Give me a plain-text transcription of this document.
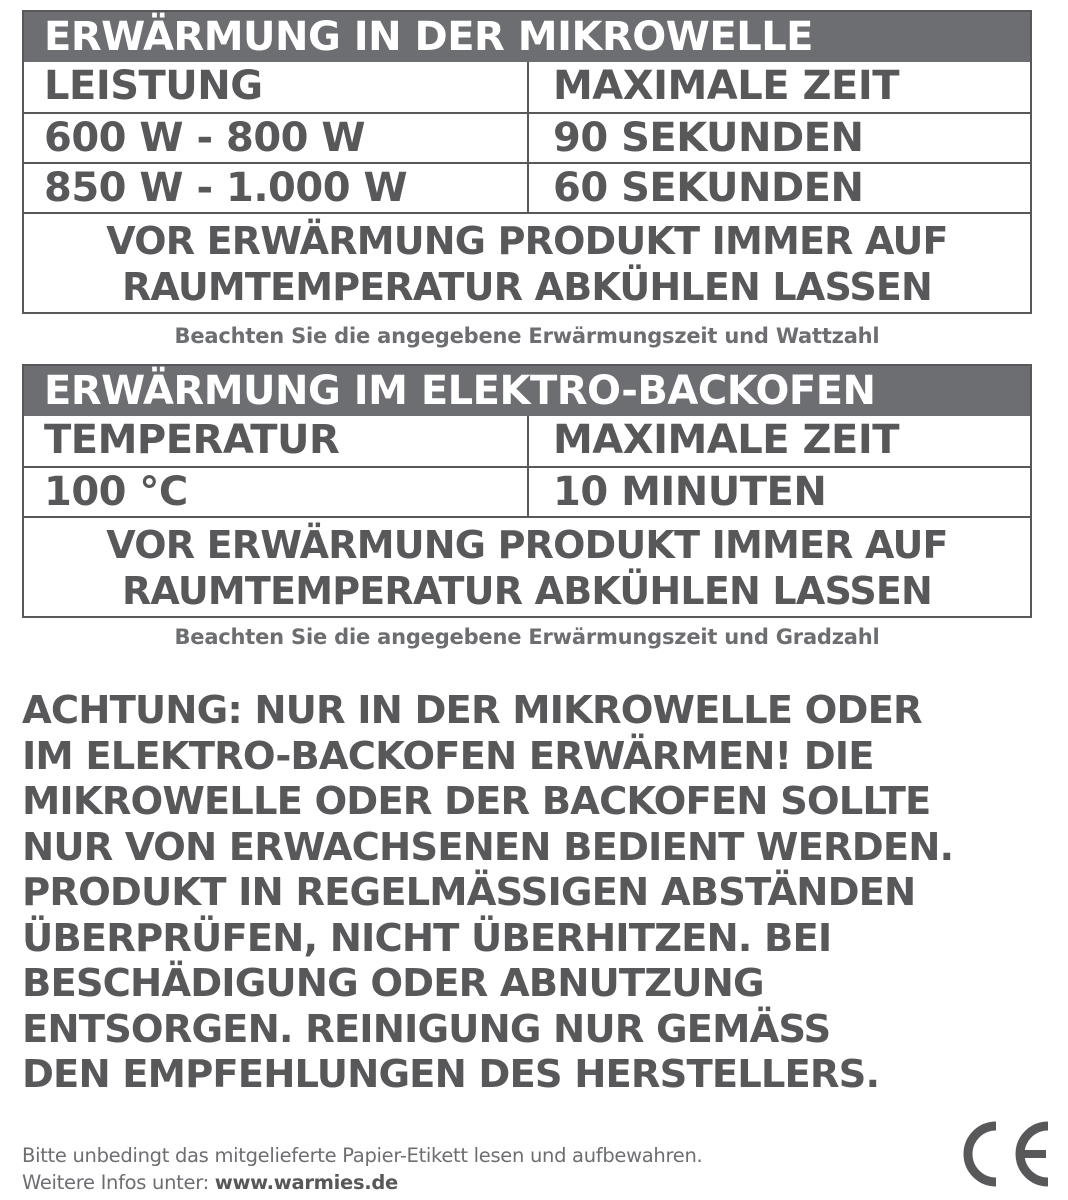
ERWÄRMUNG IN DER MIKROWELLE
LEISTUNG	MAXIMALE ZEIT
600 W - 800 W	90 SEKUNDEN
850 W - 1.000 W	60 SEKUNDEN
VOR ERWÄRMUNG PRODUKT IMMER AUF
RAUMTEMPERATUR ABKÜHLEN LASSEN
Beachten Sie die angegebene Erwärmungszeit und Wattzahl
ERWÄRMUNG IM ELEKTRO-BACKOFEN
TEMPERATUR	MAXIMALE ZEIT
100 °C	10 MINUTEN
VOR ERWÄRMUNG PRODUKT IMMER AUF
RAUMTEMPERATUR ABKÜHLEN LASSEN
Beachten Sie die angegebene Erwärmungszeit und Gradzahl
ACHTUNG: NUR IN DER MIKROWELLE ODER
IM ELEKTRO-BACKOFEN ERWÄRMEN! DIE
MIKROWELLE ODER DER BACKOFEN SOLLTE
NUR VON ERWACHSENEN BEDIENT WERDEN.
PRODUKT IN REGELMÄSSIGEN ABSTÄNDEN
ÜBERPRÜFEN, NICHT ÜBERHITZEN. BEI
BESCHÄDIGUNG ODER ABNUTZUNG
ENTSORGEN. REINIGUNG NUR GEMÄSS
DEN EMPFEHLUNGEN DES HERSTELLERS.
Bitte unbedingt das mitgelieferte Papier-Etikett lesen und aufbewahren.
Weitere Infos unter: www.warmies.de
